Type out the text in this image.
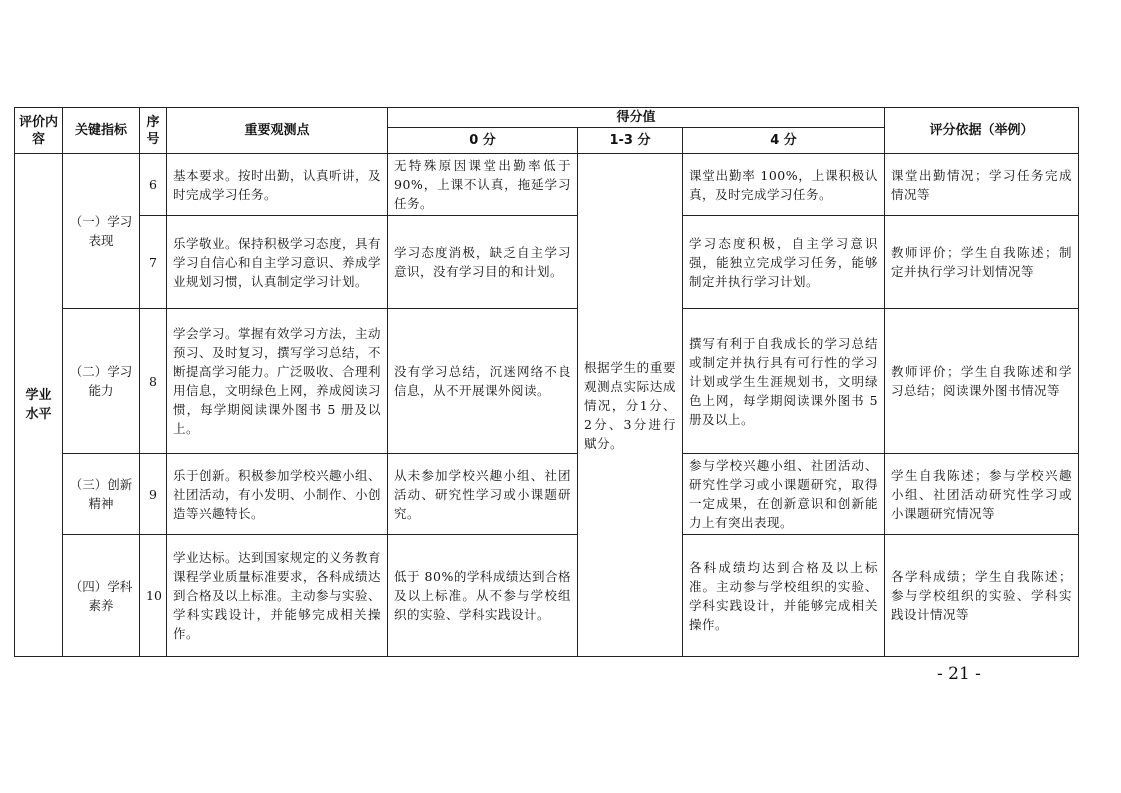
评价内容	关键指标	序号	重要观测点	得分值			评分依据（举例）
				0 分	1-3 分	4 分	
学业水平	（一）学习表现	6	基本要求。按时出勤，认真听讲，及时完成学习任务。	无特殊原因课堂出勤率低于90%，上课不认真，拖延学习任务。	根据学生的重要观测点实际达成情况，分1分、2分、3分进行赋分。	课堂出勤率 100%，上课积极认真，及时完成学习任务。	课堂出勤情况；学习任务完成情况等
		7	乐学敬业。保持积极学习态度，具有学习自信心和自主学习意识、养成学业规划习惯，认真制定学习计划。	学习态度消极，缺乏自主学习意识，没有学习目的和计划。		学习态度积极，自主学习意识强，能独立完成学习任务，能够制定并执行学习计划。	教师评价；学生自我陈述；制定并执行学习计划情况等
	（二）学习能力	8	学会学习。掌握有效学习方法，主动预习、及时复习，撰写学习总结，不断提高学习能力。广泛吸收、合理利用信息，文明绿色上网，养成阅读习惯，每学期阅读课外图书 5 册及以上。	没有学习总结，沉迷网络不良信息，从不开展课外阅读。		撰写有利于自我成长的学习总结或制定并执行具有可行性的学习计划或学生生涯规划书，文明绿色上网，每学期阅读课外图书 5 册及以上。	教师评价；学生自我陈述和学习总结；阅读课外图书情况等
	（三）创新精神	9	乐于创新。积极参加学校兴趣小组、社团活动，有小发明、小制作、小创造等兴趣特长。	从未参加学校兴趣小组、社团活动、研究性学习或小课题研究。		参与学校兴趣小组、社团活动、研究性学习或小课题研究，取得一定成果，在创新意识和创新能力上有突出表现。	学生自我陈述；参与学校兴趣小组、社团活动研究性学习或小课题研究情况等
	（四）学科素养	10	学业达标。达到国家规定的义务教育课程学业质量标准要求，各科成绩达到合格及以上标准。主动参与实验、学科实践设计，并能够完成相关操作。	低于 80%的学科成绩达到合格及以上标准。从不参与学校组织的实验、学科实践设计。		各科成绩均达到合格及以上标准。主动参与学校组织的实验、学科实践设计，并能够完成相关操作。	各学科成绩；学生自我陈述；参与学校组织的实验、学科实践设计情况等
- 21 -
